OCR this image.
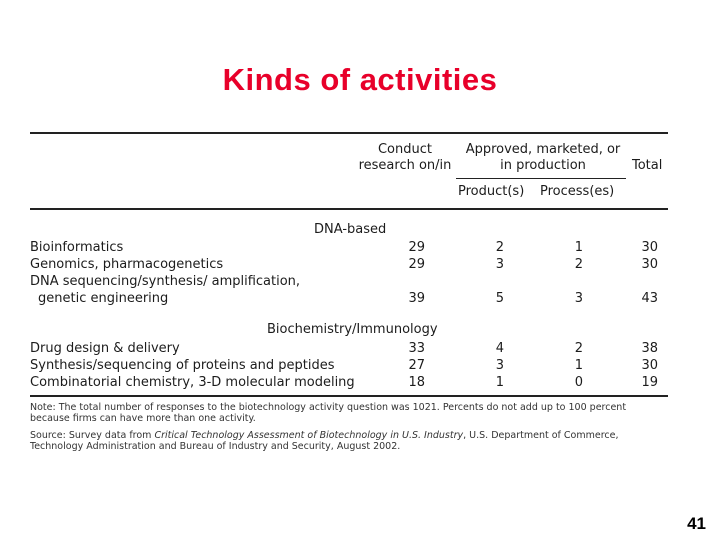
Kinds of activities
Conduct
research on/in
Approved, marketed, or
in production	Total
Product(s) Process(es)
DNA-based
Bioinformatics	29	2	1	30
Genomics, pharmacogenetics	29	3	2	30
DNA sequencing/synthesis/ amplification,
genetic engineering	39	5	3	43
Biochemistry/Immunology
Drug design & delivery	33	4	2	38
Synthesis/sequencing of proteins and peptides	27	3	1	30
Combinatorial chemistry, 3-D molecular modeling	18	1	0	19
Note: The total number of responses to the biotechnology activity question was 1021. Percents do not add up to 100 percent
because firms can have more than one activity.
Source: Survey data from Critical Technology Assessment of Biotechnology in U.S. Industry, U.S. Department of Commerce,
Technology Administration and Bureau of Industry and Security, August 2002.
41
